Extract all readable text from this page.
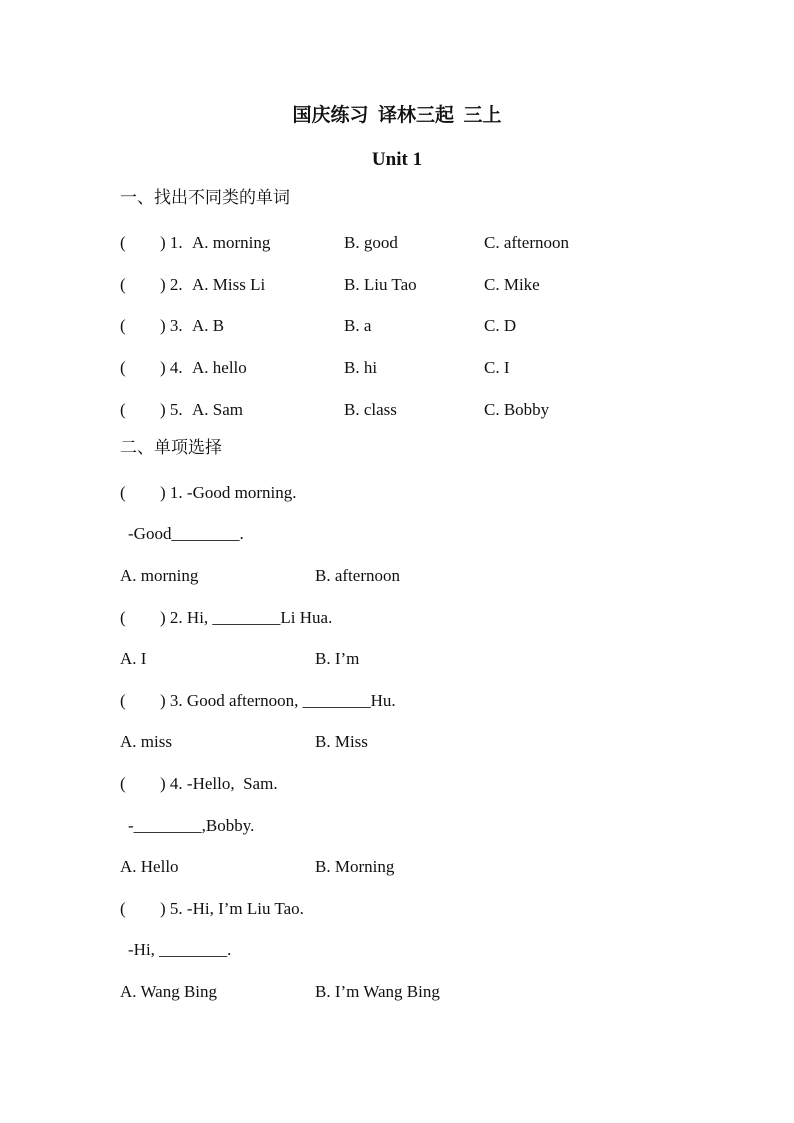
国庆练习  译林三起  三上
Unit 1
一、找出不同类的单词
( ) 1. A. morning	B. good	C. afternoon
( ) 2. A. Miss Li	B. Liu Tao	C. Mike
( ) 3. A. B	B. a	C. D
( ) 4. A. hello	B. hi	C. I
( ) 5. A. Sam	B. class	C. Bobby
二、单项选择
( ) 1. -Good morning.
-Good________.
A. morning	B. afternoon
( ) 2. Hi, ________Li Hua.
A. I	B. I’m
( ) 3. Good afternoon, ________Hu.
A. miss	B. Miss
( ) 4. -Hello,  Sam.
-________,Bobby.
A. Hello	B. Morning
( ) 5. -Hi, I’m Liu Tao.
-Hi, ________.
A. Wang Bing	B. I’m Wang Bing
